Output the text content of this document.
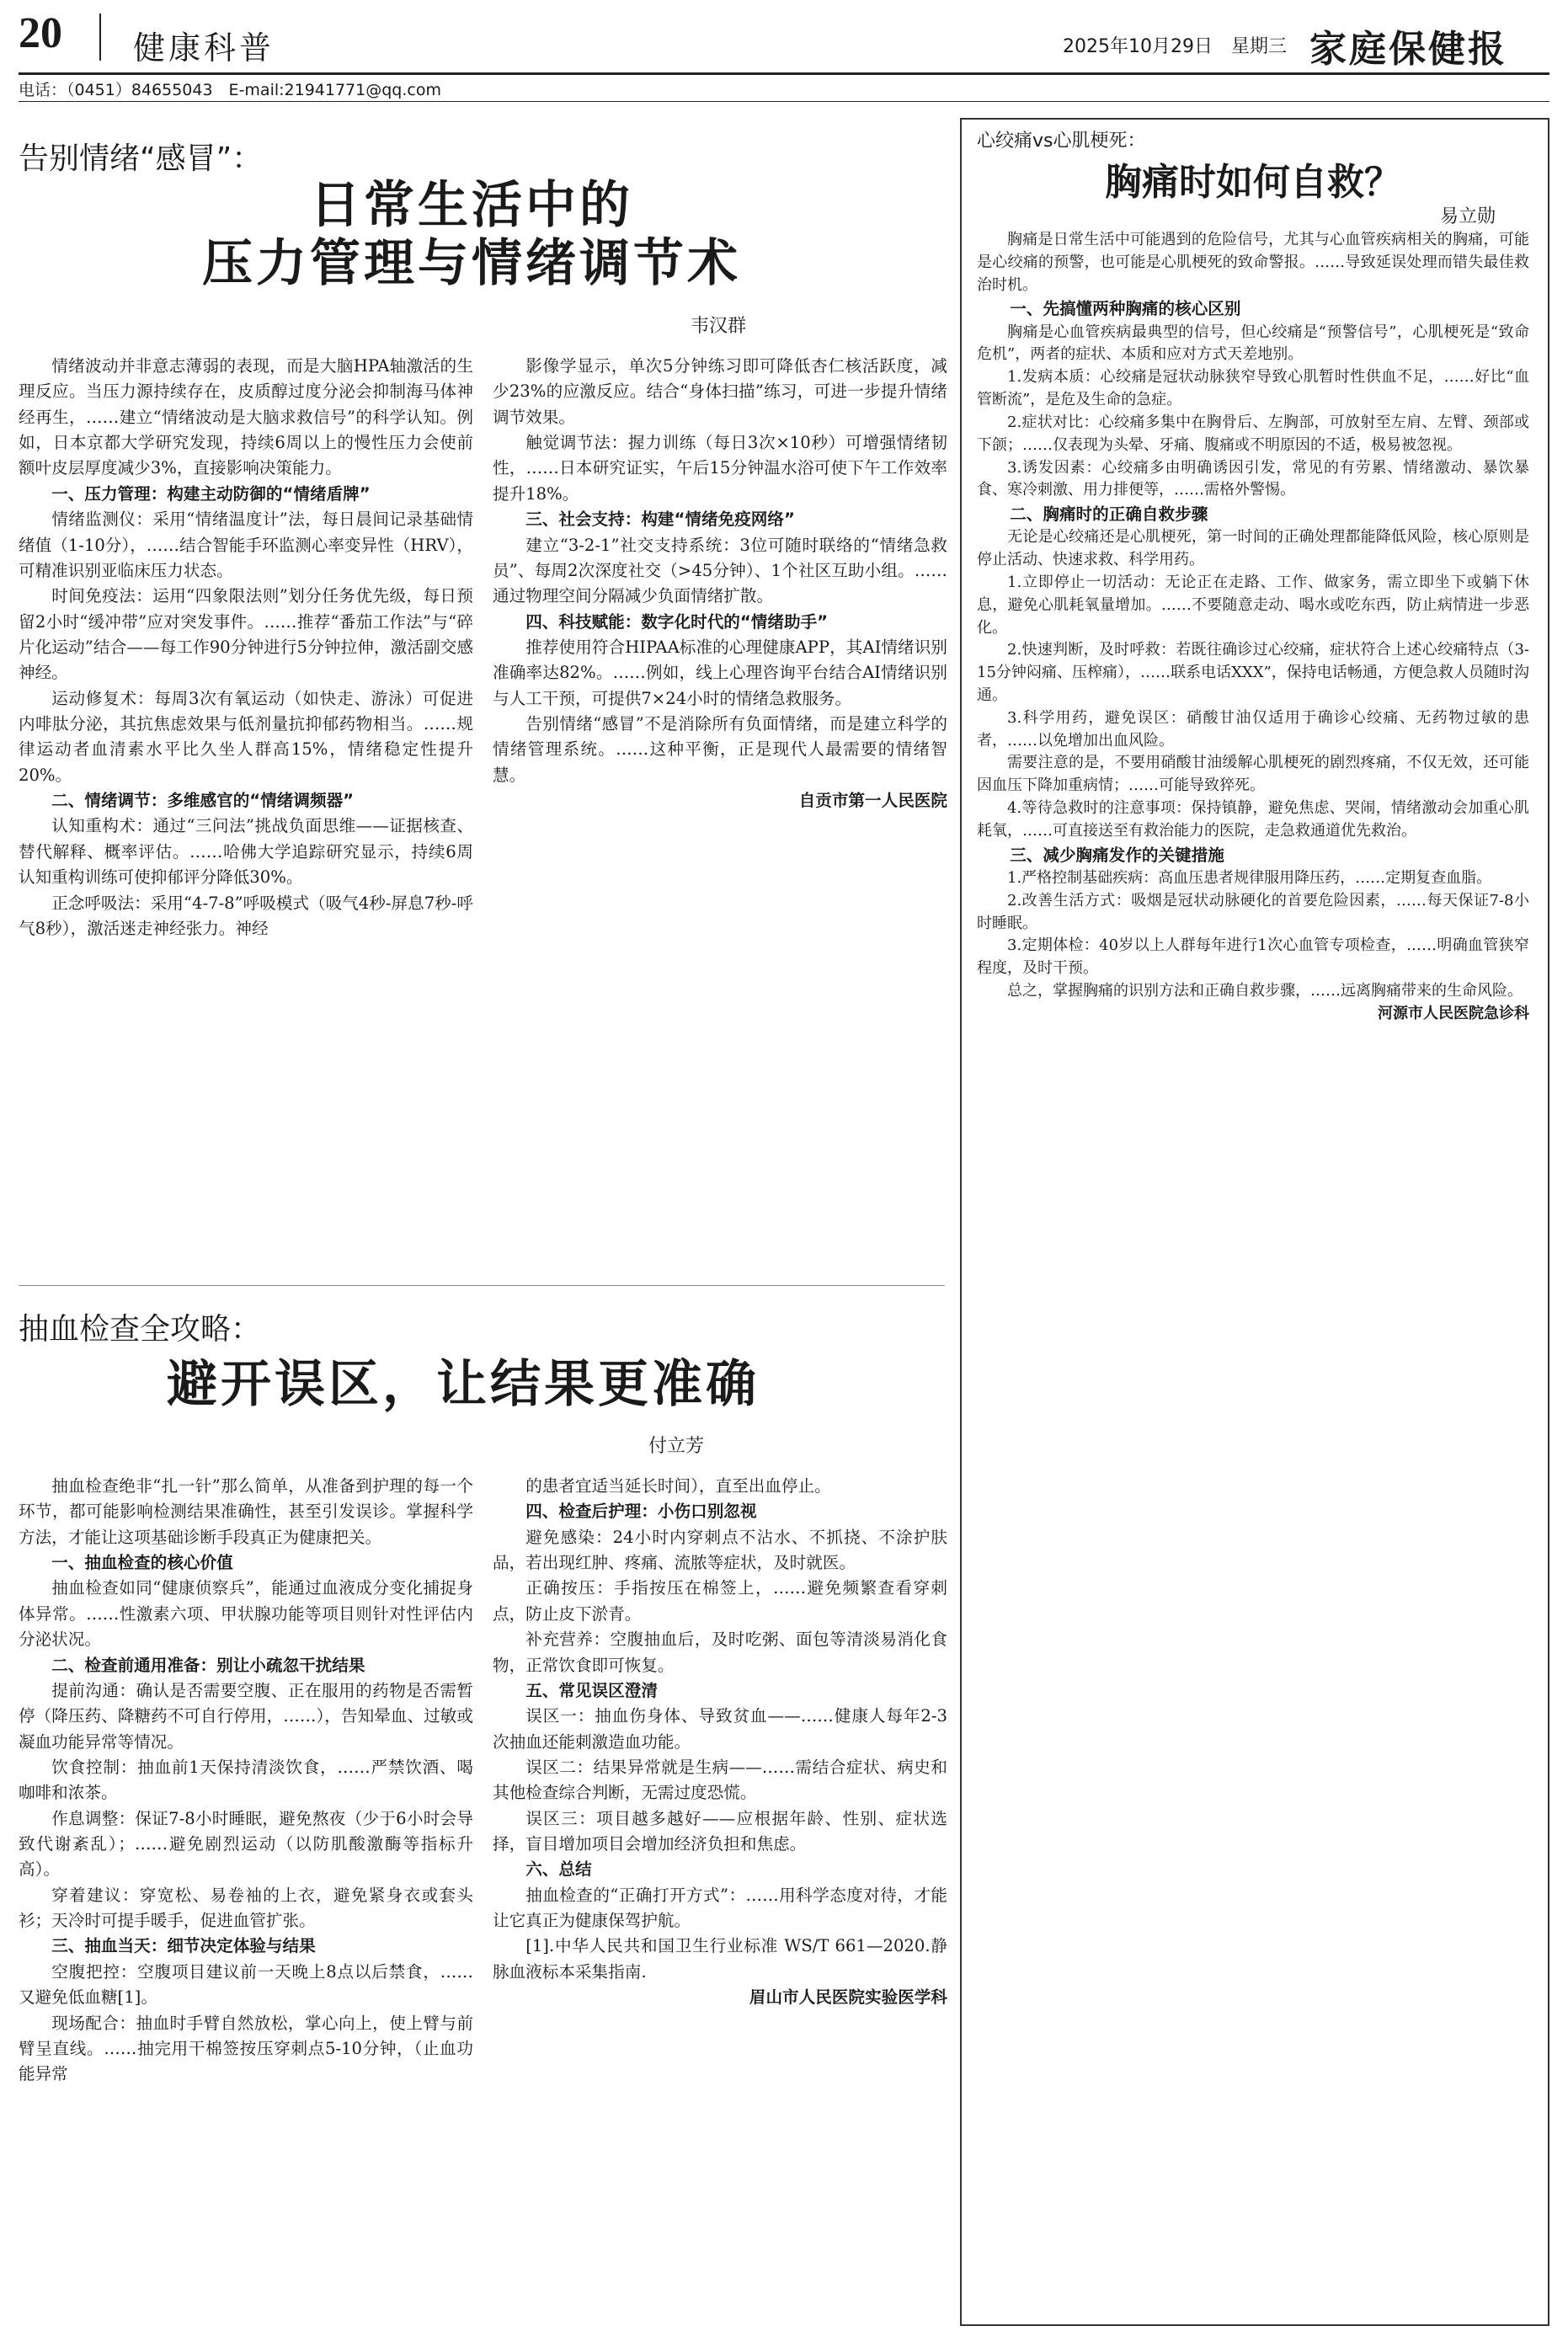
20 健康科普	2025年10月29日　星期三 家庭保健报
电话：（0451）84655043　E-mail:21941771@qq.com
告别情绪“感冒”：
日常生活中的
压力管理与情绪调节术
韦汉群

情绪波动并非意志薄弱的表现，而是大脑HPA轴激活的生理反应。当压力源持续存在，皮质醇过度分泌会抑制海马体神经再生，……建立“情绪波动是大脑求救信号”的科学认知。例如，日本京都大学研究发现，持续6周以上的慢性压力会使前额叶皮层厚度减少3%，直接影响决策能力。

一、压力管理：构建主动防御的“情绪盾牌”

情绪监测仪：采用“情绪温度计”法，每日晨间记录基础情绪值（1-10分），……结合智能手环监测心率变异性（HRV），可精准识别亚临床压力状态。

时间免疫法：运用“四象限法则”划分任务优先级，每日预留2小时“缓冲带”应对突发事件。……推荐“番茄工作法”与“碎片化运动”结合——每工作90分钟进行5分钟拉伸，激活副交感神经。

运动修复术：每周3次有氧运动（如快走、游泳）可促进内啡肽分泌，其抗焦虑效果与低剂量抗抑郁药物相当。……规律运动者血清素水平比久坐人群高15%，情绪稳定性提升20%。

二、情绪调节：多维感官的“情绪调频器”

认知重构术：通过“三问法”挑战负面思维——证据核查、替代解释、概率评估。……哈佛大学追踪研究显示，持续6周认知重构训练可使抑郁评分降低30%。

正念呼吸法：采用“4-7-8”呼吸模式（吸气4秒-屏息7秒-呼气8秒），激活迷走神经张力。神经

影像学显示，单次5分钟练习即可降低杏仁核活跃度，减少23%的应激反应。结合“身体扫描”练习，可进一步提升情绪调节效果。

触觉调节法：握力训练（每日3次×10秒）可增强情绪韧性，……日本研究证实，午后15分钟温水浴可使下午工作效率提升18%。

三、社会支持：构建“情绪免疫网络”

建立“3-2-1”社交支持系统：3位可随时联络的“情绪急救员”、每周2次深度社交（>45分钟）、1个社区互助小组。……通过物理空间分隔减少负面情绪扩散。

四、科技赋能：数字化时代的“情绪助手”

推荐使用符合HIPAA标准的心理健康APP，其AI情绪识别准确率达82%。……例如，线上心理咨询平台结合AI情绪识别与人工干预，可提供7×24小时的情绪急救服务。

告别情绪“感冒”不是消除所有负面情绪，而是建立科学的情绪管理系统。……这种平衡，正是现代人最需要的情绪智慧。

自贡市第一人民医院

抽血检查全攻略：
避开误区，让结果更准确
付立芳

抽血检查绝非“扎一针”那么简单，从准备到护理的每一个环节，都可能影响检测结果准确性，甚至引发误诊。掌握科学方法，才能让这项基础诊断手段真正为健康把关。

一、抽血检查的核心价值

抽血检查如同“健康侦察兵”，能通过血液成分变化捕捉身体异常。……性激素六项、甲状腺功能等项目则针对性评估内分泌状况。

二、检查前通用准备：别让小疏忽干扰结果

提前沟通：确认是否需要空腹、正在服用的药物是否需暂停（降压药、降糖药不可自行停用，……），告知晕血、过敏或凝血功能异常等情况。

饮食控制：抽血前1天保持清淡饮食，……严禁饮酒、喝咖啡和浓茶。

作息调整：保证7-8小时睡眠，避免熬夜（少于6小时会导致代谢紊乱）；……避免剧烈运动（以防肌酸激酶等指标升高）。

穿着建议：穿宽松、易卷袖的上衣，避免紧身衣或套头衫；天冷时可提手暖手，促进血管扩张。

三、抽血当天：细节决定体验与结果

空腹把控：空腹项目建议前一天晚上8点以后禁食，……又避免低血糖[1]。

现场配合：抽血时手臂自然放松，掌心向上，使上臂与前臂呈直线。……抽完用干棉签按压穿刺点5-10分钟，（止血功能异常

的患者宜适当延长时间），直至出血停止。

四、检查后护理：小伤口别忽视

避免感染：24小时内穿刺点不沾水、不抓挠、不涂护肤品，若出现红肿、疼痛、流脓等症状，及时就医。

正确按压：手指按压在棉签上，……避免频繁查看穿刺点，防止皮下淤青。

补充营养：空腹抽血后，及时吃粥、面包等清淡易消化食物，正常饮食即可恢复。

五、常见误区澄清

误区一：抽血伤身体、导致贫血——……健康人每年2-3次抽血还能刺激造血功能。

误区二：结果异常就是生病——……需结合症状、病史和其他检查综合判断，无需过度恐慌。

误区三：项目越多越好——应根据年龄、性别、症状选择，盲目增加项目会增加经济负担和焦虑。

六、总结

抽血检查的“正确打开方式”：……用科学态度对待，才能让它真正为健康保驾护航。

[1].中华人民共和国卫生行业标准 WS/T 661—2020.静脉血液标本采集指南.

眉山市人民医院实验医学科

心绞痛vs心肌梗死：
胸痛时如何自救？
易立勋

胸痛是日常生活中可能遇到的危险信号，尤其与心血管疾病相关的胸痛，可能是心绞痛的预警，也可能是心肌梗死的致命警报。……导致延误处理而错失最佳救治时机。

一、先搞懂两种胸痛的核心区别

胸痛是心血管疾病最典型的信号，但心绞痛是“预警信号”，心肌梗死是“致命危机”，两者的症状、本质和应对方式天差地别。

1.发病本质：心绞痛是冠状动脉狭窄导致心肌暂时性供血不足，……好比“血管断流”，是危及生命的急症。

2.症状对比：心绞痛多集中在胸骨后、左胸部，可放射至左肩、左臂、颈部或下颌；……仅表现为头晕、牙痛、腹痛或不明原因的不适，极易被忽视。

3.诱发因素：心绞痛多由明确诱因引发，常见的有劳累、情绪激动、暴饮暴食、寒冷刺激、用力排便等，……需格外警惕。

二、胸痛时的正确自救步骤

无论是心绞痛还是心肌梗死，第一时间的正确处理都能降低风险，核心原则是停止活动、快速求救、科学用药。

1.立即停止一切活动：无论正在走路、工作、做家务，需立即坐下或躺下休息，避免心肌耗氧量增加。……不要随意走动、喝水或吃东西，防止病情进一步恶化。

2.快速判断，及时呼救：若既往确诊过心绞痛，症状符合上述心绞痛特点（3-15分钟闷痛、压榨痛），……联系电话XXX”，保持电话畅通，方便急救人员随时沟通。

3.科学用药，避免误区：硝酸甘油仅适用于确诊心绞痛、无药物过敏的患者，……以免增加出血风险。

需要注意的是，不要用硝酸甘油缓解心肌梗死的剧烈疼痛，不仅无效，还可能因血压下降加重病情；……可能导致猝死。

4.等待急救时的注意事项：保持镇静，避免焦虑、哭闹，情绪激动会加重心肌耗氧，……可直接送至有救治能力的医院，走急救通道优先救治。

三、减少胸痛发作的关键措施

1.严格控制基础疾病：高血压患者规律服用降压药，……定期复查血脂。

2.改善生活方式：吸烟是冠状动脉硬化的首要危险因素，……每天保证7-8小时睡眠。

3.定期体检：40岁以上人群每年进行1次心血管专项检查，……明确血管狭窄程度，及时干预。

总之，掌握胸痛的识别方法和正确自救步骤，……远离胸痛带来的生命风险。

河源市人民医院急诊科
